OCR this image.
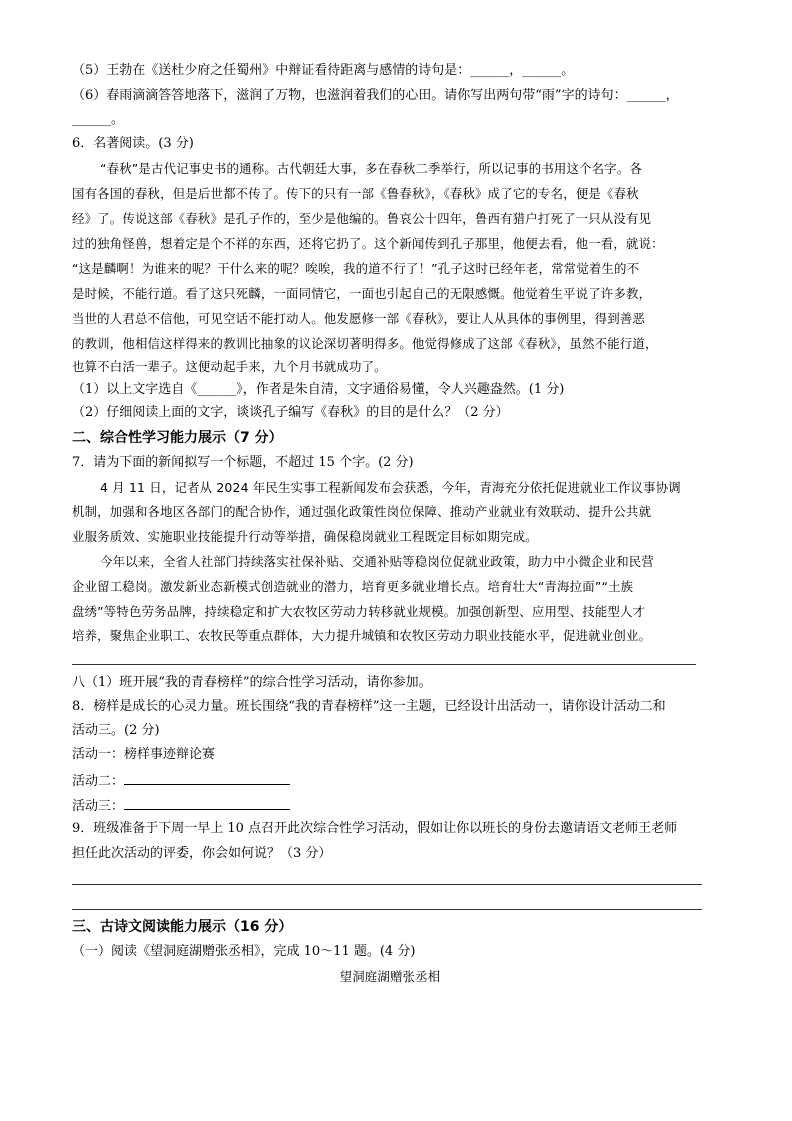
（5）王勃在《送杜少府之任蜀州》中辩证看待距离与感情的诗句是：______，______。
（6）春雨滴滴答答地落下，滋润了万物，也滋润着我们的心田。请你写出两句带“雨”字的诗句：______，
______。
6．名著阅读。(3 分)
“春秋”是古代记事史书的通称。古代朝廷大事，多在春秋二季举行，所以记事的书用这个名字。各
国有各国的春秋，但是后世都不传了。传下的只有一部《鲁春秋》，《春秋》成了它的专名，便是《春秋
经》了。传说这部《春秋》是孔子作的，至少是他编的。鲁哀公十四年，鲁西有猎户打死了一只从没有见
过的独角怪兽，想着定是个不祥的东西，还将它扔了。这个新闻传到孔子那里，他便去看，他一看，就说：
“这是麟啊！为谁来的呢？干什么来的呢？唉唉，我的道不行了！”孔子这时已经年老，常常觉着生的不
是时候，不能行道。看了这只死麟，一面同情它，一面也引起自己的无限感慨。他觉着生平说了许多教，
当世的人君总不信他，可见空话不能打动人。他发愿修一部《春秋》，要让人从具体的事例里，得到善恶
的教训，他相信这样得来的教训比抽象的议论深切著明得多。他觉得修成了这部《春秋》，虽然不能行道，
也算不白活一辈子。这便动起手来，九个月书就成功了。
（1）以上文字选自《______》，作者是朱自清，文字通俗易懂，令人兴趣盎然。(1 分)
（2）仔细阅读上面的文字，谈谈孔子编写《春秋》的目的是什么？（2 分）
二、综合性学习能力展示（7 分）
7．请为下面的新闻拟写一个标题，不超过 15 个字。(2 分)
4 月 11 日，记者从 2024 年民生实事工程新闻发布会获悉，今年，青海充分依托促进就业工作议事协调
机制，加强和各地区各部门的配合协作，通过强化政策性岗位保障、推动产业就业有效联动、提升公共就
业服务质效、实施职业技能提升行动等举措，确保稳岗就业工程既定目标如期完成。
今年以来，全省人社部门持续落实社保补贴、交通补贴等稳岗位促就业政策，助力中小微企业和民营
企业留工稳岗。激发新业态新模式创造就业的潜力，培育更多就业增长点。培育壮大“青海拉面”“土族
盘绣”等特色劳务品牌，持续稳定和扩大农牧区劳动力转移就业规模。加强创新型、应用型、技能型人才
培养，聚焦企业职工、农牧民等重点群体，大力提升城镇和农牧区劳动力职业技能水平，促进就业创业。
八（1）班开展“我的青春榜样”的综合性学习活动，请你参加。
8．榜样是成长的心灵力量。班长围绕“我的青春榜样”这一主题，已经设计出活动一，请你设计活动二和
活动三。(2 分)
活动一：榜样事迹辩论赛
活动二：
活动三：
9．班级准备于下周一早上 10 点召开此次综合性学习活动，假如让你以班长的身份去邀请语文老师王老师
担任此次活动的评委，你会如何说？（3 分）
三、古诗文阅读能力展示（16 分）
（一）阅读《望洞庭湖赠张丞相》，完成 10～11 题。(4 分)
望洞庭湖赠张丞相
